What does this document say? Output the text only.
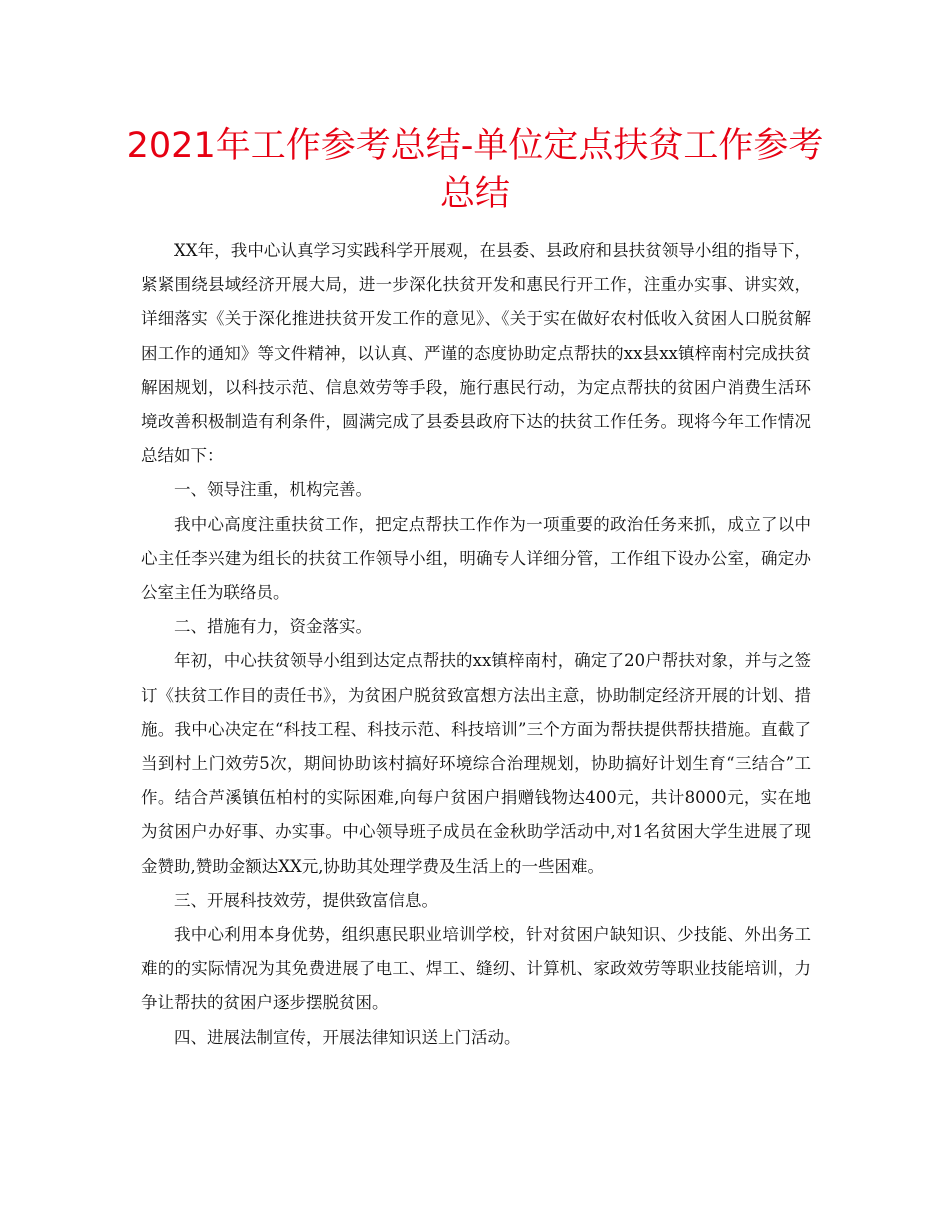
2021年工作参考总结-单位定点扶贫工作参考总结

XX年，我中心认真学习实践科学开展观，在县委、县政府和县扶贫领导小组的指导下，紧紧围绕县域经济开展大局，进一步深化扶贫开发和惠民行开工作，注重办实事、讲实效，详细落实《关于深化推进扶贫开发工作的意见》、《关于实在做好农村低收入贫困人口脱贫解困工作的通知》等文件精神，以认真、严谨的态度协助定点帮扶的xx县xx镇梓南村完成扶贫解困规划，以科技示范、信息效劳等手段，施行惠民行动，为定点帮扶的贫困户消费生活环境改善积极制造有利条件，圆满完成了县委县政府下达的扶贫工作任务。现将今年工作情况总结如下：

一、领导注重，机构完善。

我中心高度注重扶贫工作，把定点帮扶工作作为一项重要的政治任务来抓，成立了以中心主任李兴建为组长的扶贫工作领导小组，明确专人详细分管，工作组下设办公室，确定办公室主任为联络员。

二、措施有力，资金落实。

年初，中心扶贫领导小组到达定点帮扶的xx镇梓南村，确定了20户帮扶对象，并与之签订《扶贫工作目的责任书》，为贫困户脱贫致富想方法出主意，协助制定经济开展的计划、措施。我中心决定在“科技工程、科技示范、科技培训”三个方面为帮扶提供帮扶措施。直截了当到村上门效劳5次，期间协助该村搞好环境综合治理规划，协助搞好计划生育“三结合”工作。结合芦溪镇伍柏村的实际困难,向每户贫困户捐赠钱物达400元，共计8000元，实在地为贫困户办好事、办实事。中心领导班子成员在金秋助学活动中,对1名贫困大学生进展了现金赞助,赞助金额达XX元,协助其处理学费及生活上的一些困难。

三、开展科技效劳，提供致富信息。

我中心利用本身优势，组织惠民职业培训学校，针对贫困户缺知识、少技能、外出务工难的的实际情况为其免费进展了电工、焊工、缝纫、计算机、家政效劳等职业技能培训，力争让帮扶的贫困户逐步摆脱贫困。

四、进展法制宣传，开展法律知识送上门活动。
